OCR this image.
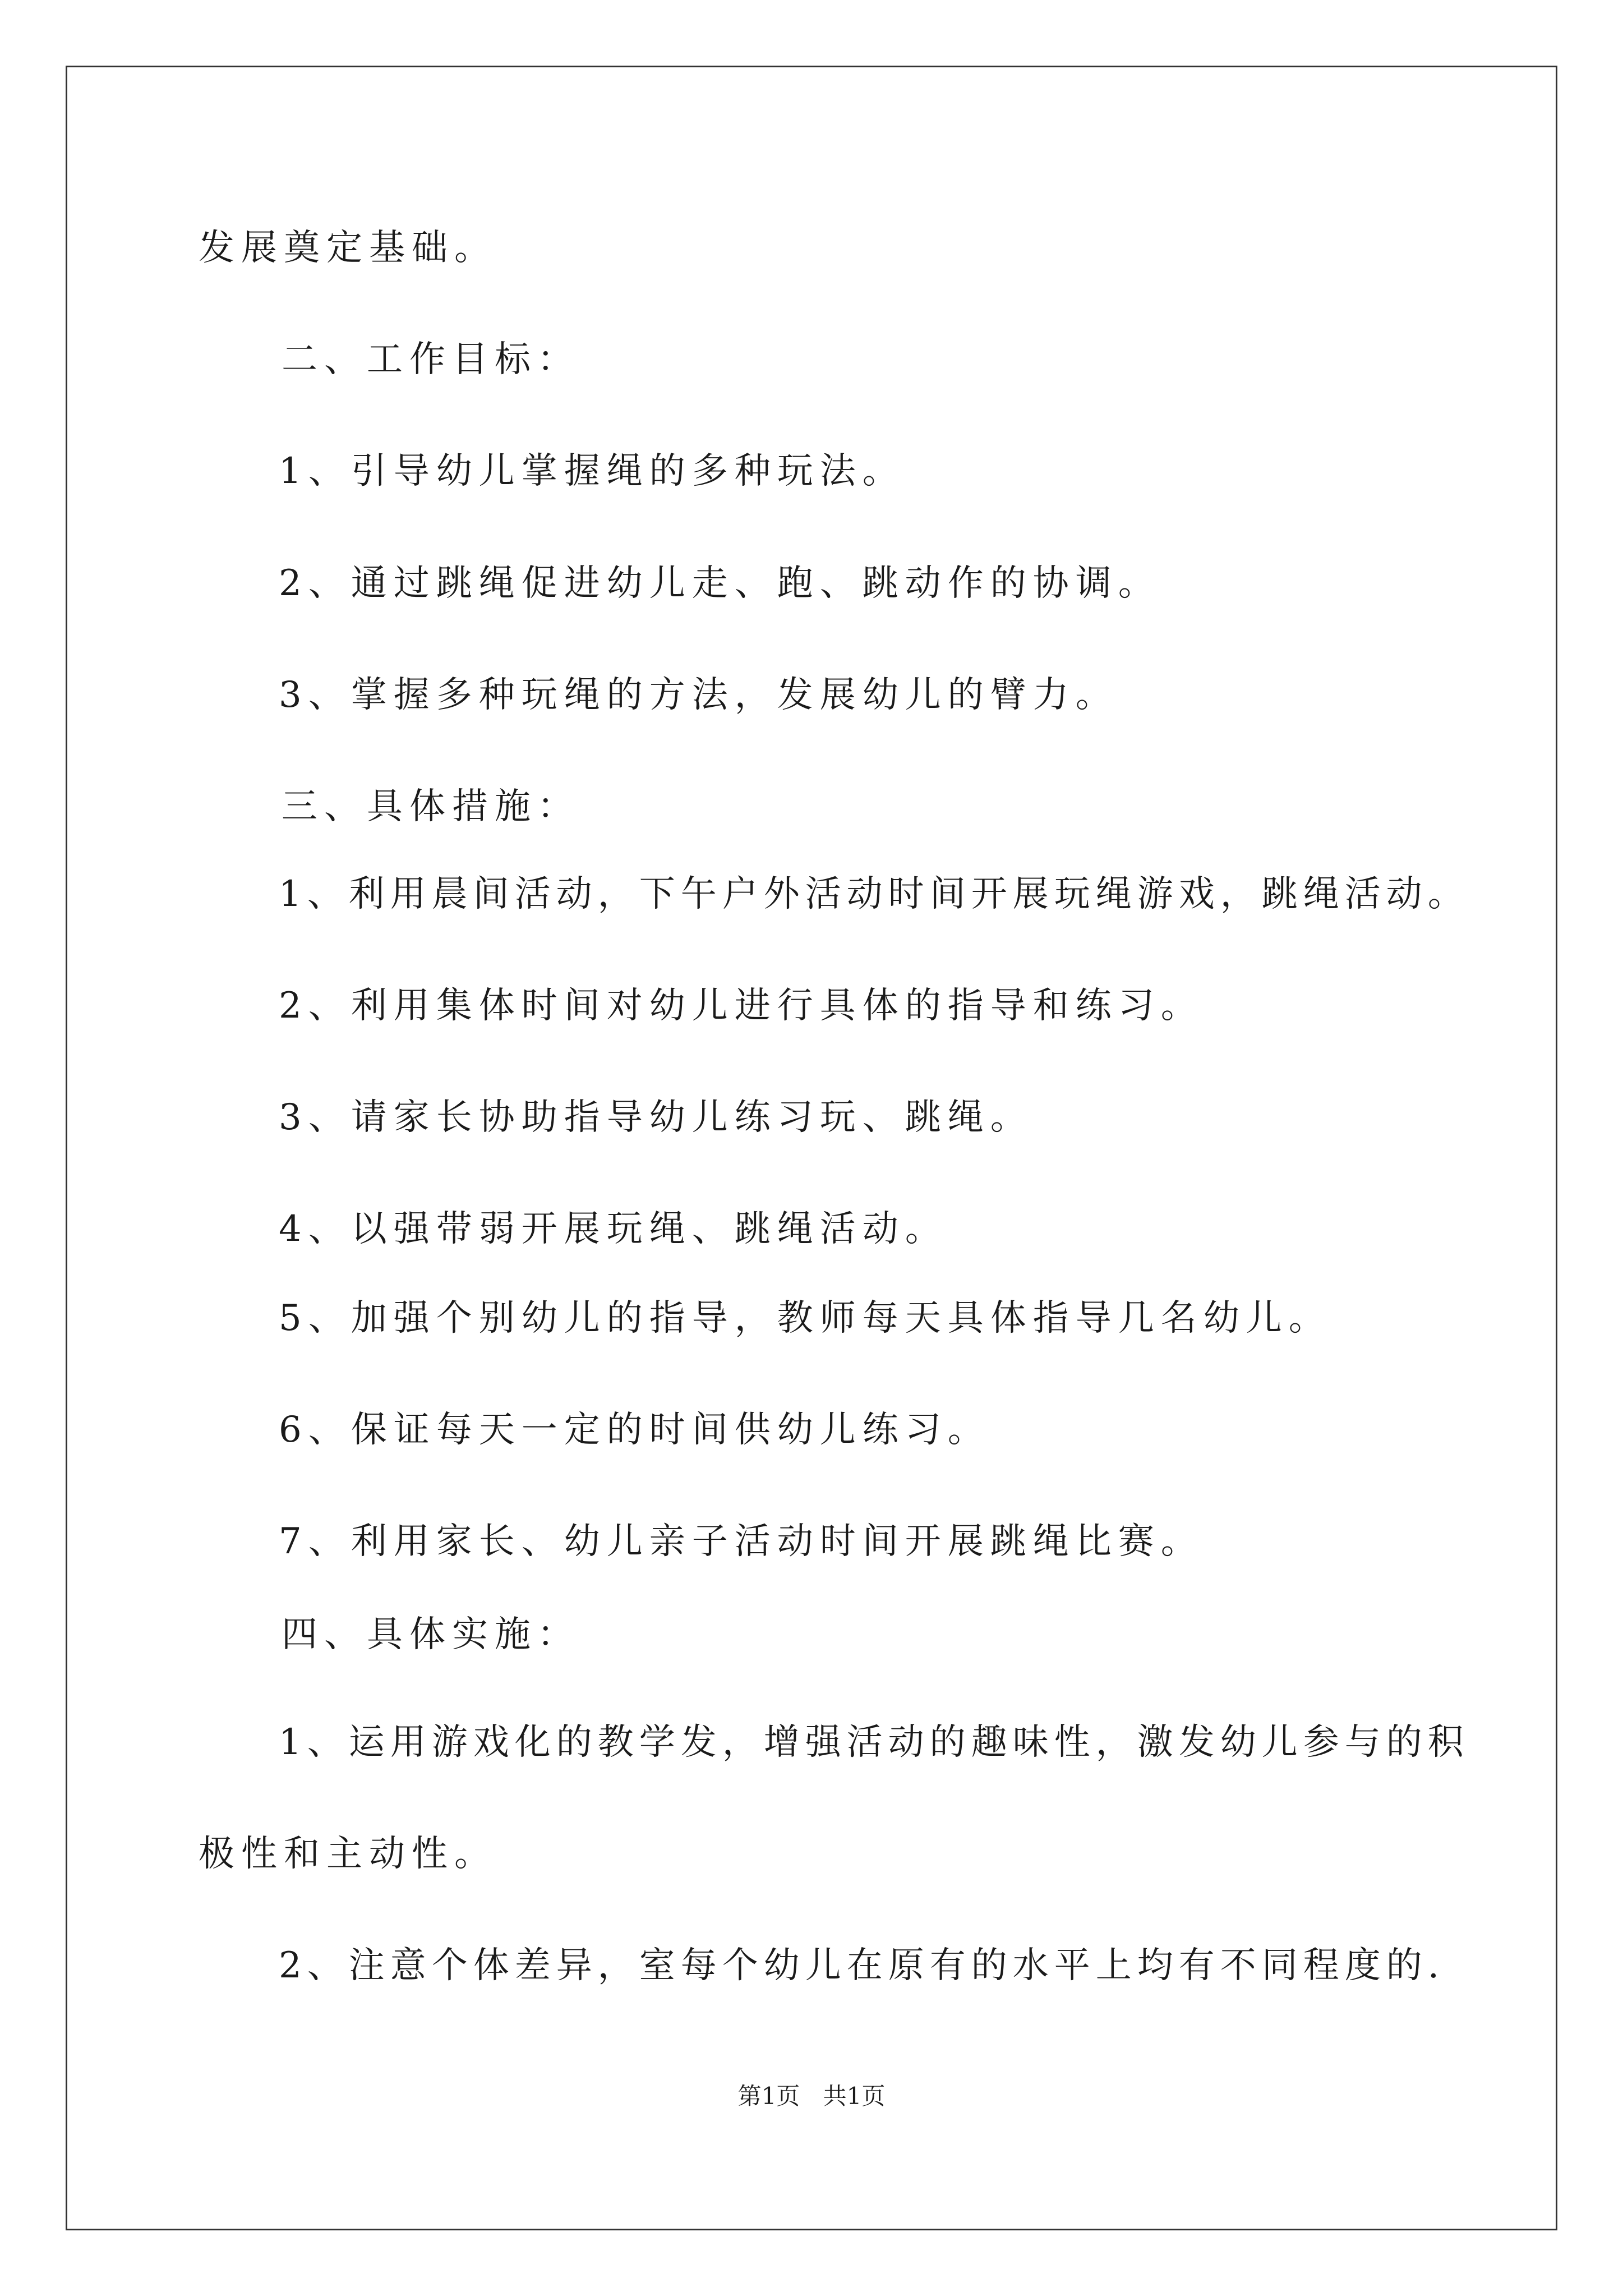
发展奠定基础。
二、工作目标：
1、引导幼儿掌握绳的多种玩法。
2、通过跳绳促进幼儿走、跑、跳动作的协调。
3、掌握多种玩绳的方法，发展幼儿的臂力。
三、具体措施：
1、利用晨间活动，下午户外活动时间开展玩绳游戏，跳绳活动。
2、利用集体时间对幼儿进行具体的指导和练习。
3、请家长协助指导幼儿练习玩、跳绳。
4、以强带弱开展玩绳、跳绳活动。
5、加强个别幼儿的指导，教师每天具体指导几名幼儿。
6、保证每天一定的时间供幼儿练习。
7、利用家长、幼儿亲子活动时间开展跳绳比赛。
四、具体实施：
1、运用游戏化的教学发，增强活动的趣味性，激发幼儿参与的积
极性和主动性。
2、注意个体差异，室每个幼儿在原有的水平上均有不同程度的.
第1页 共1页
